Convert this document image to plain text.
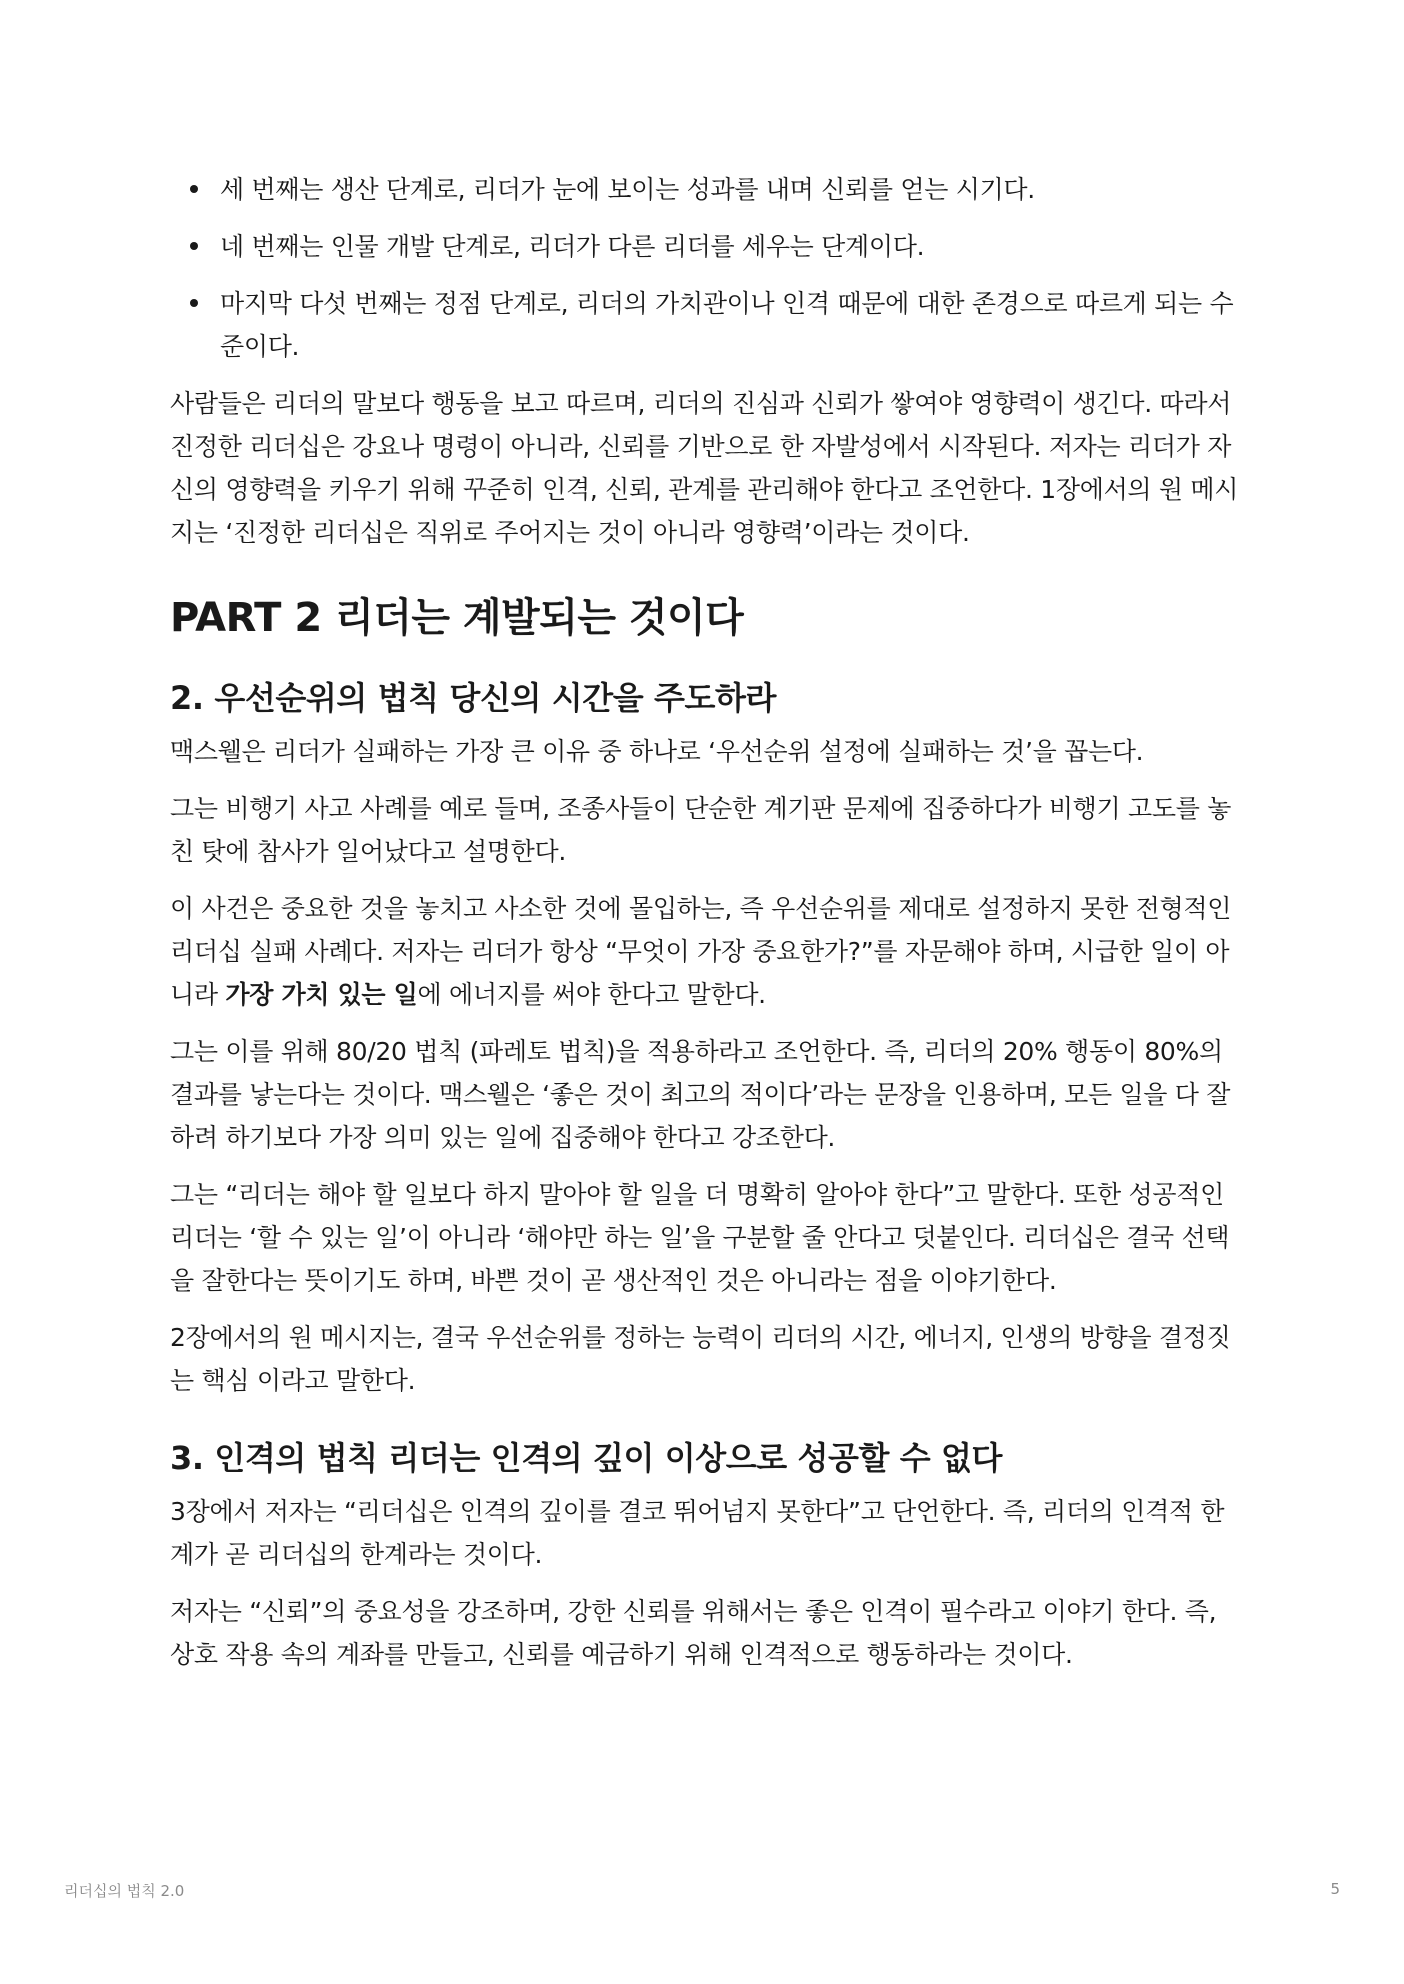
세 번째는 생산 단계로, 리더가 눈에 보이는 성과를 내며 신뢰를 얻는 시기다.
네 번째는 인물 개발 단계로, 리더가 다른 리더를 세우는 단계이다.
마지막 다섯 번째는 정점 단계로, 리더의 가치관이나 인격 때문에 대한 존경으로 따르게 되는 수준이다.

사람들은 리더의 말보다 행동을 보고 따르며, 리더의 진심과 신뢰가 쌓여야 영향력이 생긴다. 따라서 진정한 리더십은 강요나 명령이 아니라, 신뢰를 기반으로 한 자발성에서 시작된다. 저자는 리더가 자신의 영향력을 키우기 위해 꾸준히 인격, 신뢰, 관계를 관리해야 한다고 조언한다. 1장에서의 원 메시지는 ‘진정한 리더십은 직위로 주어지는 것이 아니라 영향력’이라는 것이다.

PART 2 리더는 계발되는 것이다
2. 우선순위의 법칙 당신의 시간을 주도하라

맥스웰은 리더가 실패하는 가장 큰 이유 중 하나로 ‘우선순위 설정에 실패하는 것’을 꼽는다.

그는 비행기 사고 사례를 예로 들며, 조종사들이 단순한 계기판 문제에 집중하다가 비행기 고도를 놓친 탓에 참사가 일어났다고 설명한다.

이 사건은 중요한 것을 놓치고 사소한 것에 몰입하는, 즉 우선순위를 제대로 설정하지 못한 전형적인 리더십 실패 사례다. 저자는 리더가 항상 “무엇이 가장 중요한가?”를 자문해야 하며, 시급한 일이 아니라 가장 가치 있는 일에 에너지를 써야 한다고 말한다.

그는 이를 위해 80/20 법칙 (파레토 법칙)을 적용하라고 조언한다. 즉, 리더의 20% 행동이 80%의 결과를 낳는다는 것이다. 맥스웰은 ‘좋은 것이 최고의 적이다’라는 문장을 인용하며, 모든 일을 다 잘하려 하기보다 가장 의미 있는 일에 집중해야 한다고 강조한다.

그는 “리더는 해야 할 일보다 하지 말아야 할 일을 더 명확히 알아야 한다”고 말한다. 또한 성공적인 리더는 ‘할 수 있는 일’이 아니라 ‘해야만 하는 일’을 구분할 줄 안다고 덧붙인다. 리더십은 결국 선택을 잘한다는 뜻이기도 하며, 바쁜 것이 곧 생산적인 것은 아니라는 점을 이야기한다.

2장에서의 원 메시지는, 결국 우선순위를 정하는 능력이 리더의 시간, 에너지, 인생의 방향을 결정짓는 핵심 이라고 말한다.

3. 인격의 법칙 리더는 인격의 깊이 이상으로 성공할 수 없다

3장에서 저자는 “리더십은 인격의 깊이를 결코 뛰어넘지 못한다”고 단언한다. 즉, 리더의 인격적 한계가 곧 리더십의 한계라는 것이다.

저자는 “신뢰”의 중요성을 강조하며, 강한 신뢰를 위해서는 좋은 인격이 필수라고 이야기 한다. 즉, 상호 작용 속의 계좌를 만들고, 신뢰를 예금하기 위해 인격적으로 행동하라는 것이다.

리더십의 법칙 2.0	5
